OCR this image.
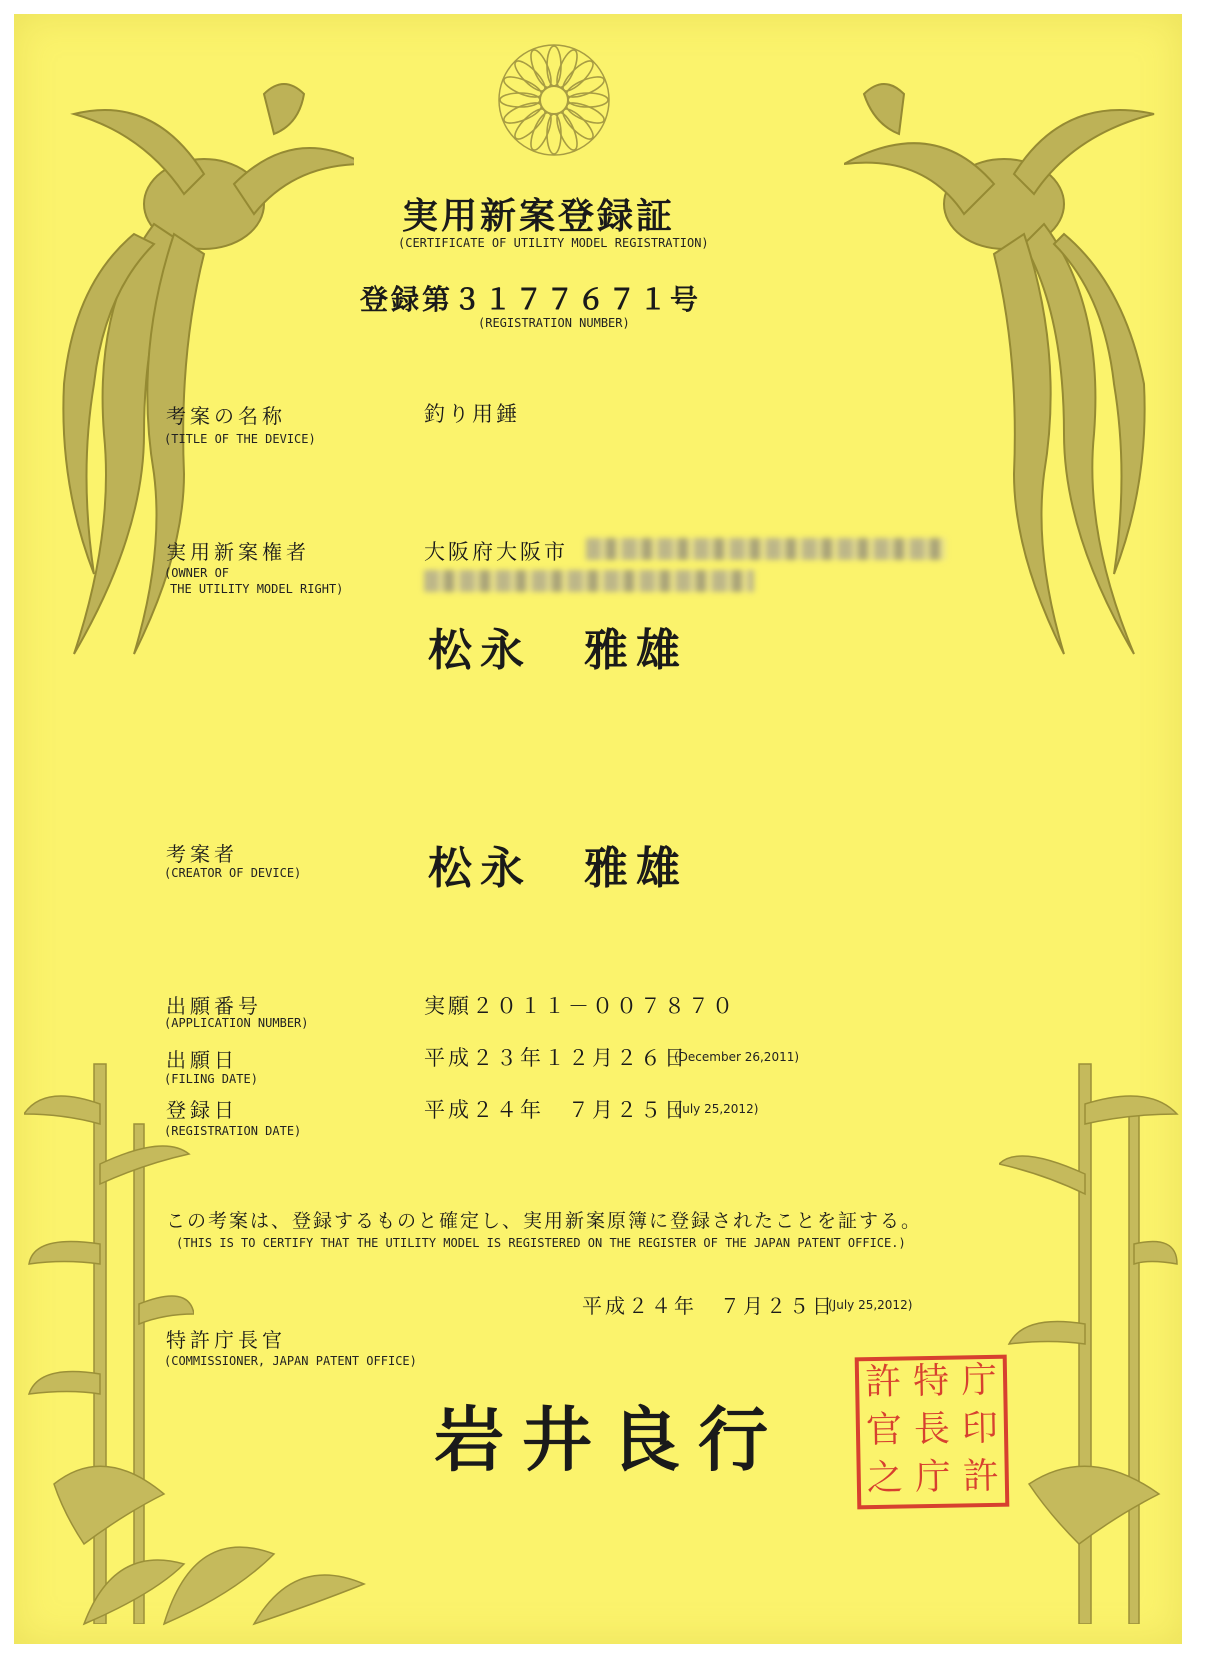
実用新案登録証
(CERTIFICATE OF UTILITY MODEL REGISTRATION)
登録第３１７７６７１号
(REGISTRATION NUMBER)
考案の名称
(TITLE OF THE DEVICE)
釣り用錘
実用新案権者
(OWNER OF
THE UTILITY MODEL RIGHT)
大阪府大阪市
松永　雅雄
考案者
(CREATOR OF DEVICE)	松永　雅雄
出願番号
(APPLICATION NUMBER)
実願２０１１－００７８７０
出願日
(FILING DATE)
平成２３年１２月２６日
(December 26,2011)
登録日
(REGISTRATION DATE)
平成２４年　７月２５日
(July 25,2012)
この考案は、登録するものと確定し、実用新案原簿に登録されたことを証する。
(THIS IS TO CERTIFY THAT THE UTILITY MODEL IS REGISTERED ON THE REGISTER OF THE JAPAN PATENT OFFICE.)
平成２４年　７月２５日
(July 25,2012)
特許庁長官
(COMMISSIONER, JAPAN PATENT OFFICE)
岩井良行
許 特 庁
官 長 印
之 庁 許
